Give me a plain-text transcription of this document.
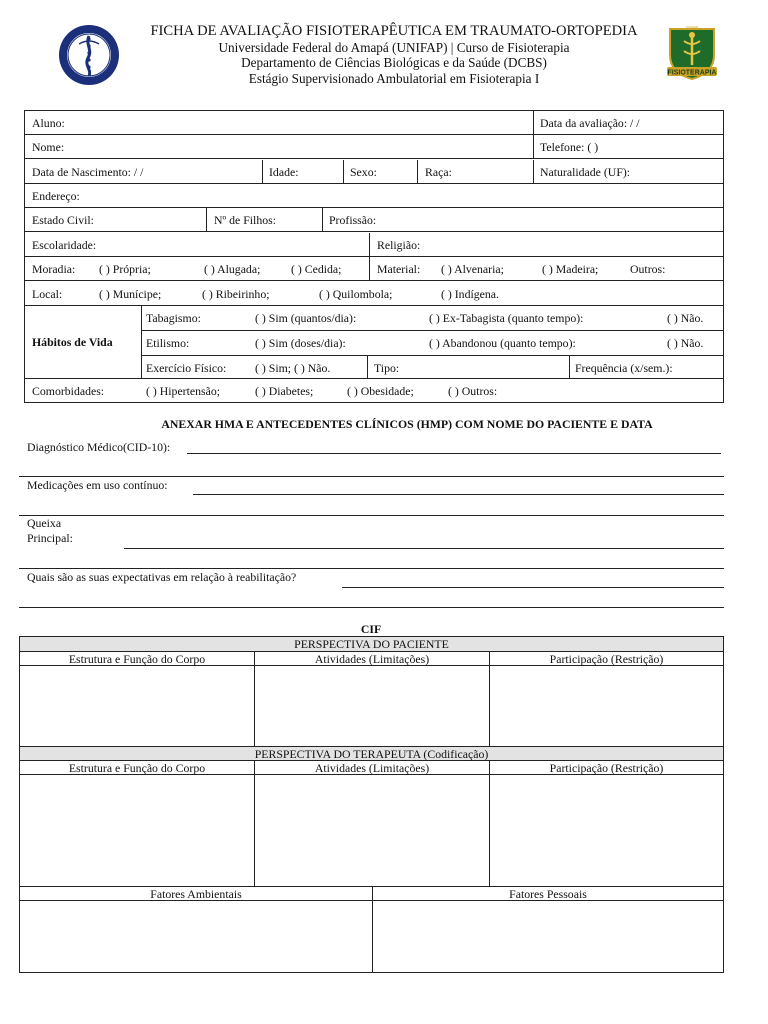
FICHA DE AVALIAÇÃO FISIOTERAPÊUTICA EM TRAUMATO-ORTOPEDIA
Universidade Federal do Amapá (UNIFAP) | Curso de Fisioterapia
Departamento de Ciências Biológicas e da Saúde (DCBS)
Estágio Supervisionado Ambulatorial em Fisioterapia I	FISIOTERAPIA
UNIFAP
Aluno:	Data da avaliação: / /
Nome:	Telefone: ( )
Data de Nascimento: / /	Idade:	Sexo:	Raça:	Naturalidade (UF):
Endereço:
Estado Civil:	Nº de Filhos:	Profissão:
Escolaridade:	Religião:
Moradia: ( ) Própria;	( ) Alugada;	( ) Cedida;	Material: ( ) Alvenaria;	( ) Madeira;	Outros:
Local:	( ) Munícipe;	( ) Ribeirinho;	( ) Quilombola;	( ) Indígena.
Hábitos de Vida
Tabagismo:	( ) Sim (quantos/dia):	( ) Ex-Tabagista (quanto tempo):	( ) Não.
Etilismo:	( ) Sim (doses/dia):	( ) Abandonou (quanto tempo):	( ) Não.
Exercício Físico: ( ) Sim; ( ) Não.	Tipo:	Frequência (x/sem.):
Comorbidades:	( ) Hipertensão;	( ) Diabetes;	( ) Obesidade;	( ) Outros:
ANEXAR HMA E ANTECEDENTES CLÍNICOS (HMP) COM NOME DO PACIENTE E DATA
Diagnóstico Médico(CID-10):
Medicações em uso contínuo:
Queixa
Principal:
Quais são as suas expectativas em relação à reabilitação?
CIF
PERSPECTIVA DO PACIENTE
Estrutura e Função do Corpo	Atividades (Limitações)	Participação (Restrição)
PERSPECTIVA DO TERAPEUTA (Codificação)
Estrutura e Função do Corpo	Atividades (Limitações)	Participação (Restrição)
Fatores Ambientais	Fatores Pessoais
